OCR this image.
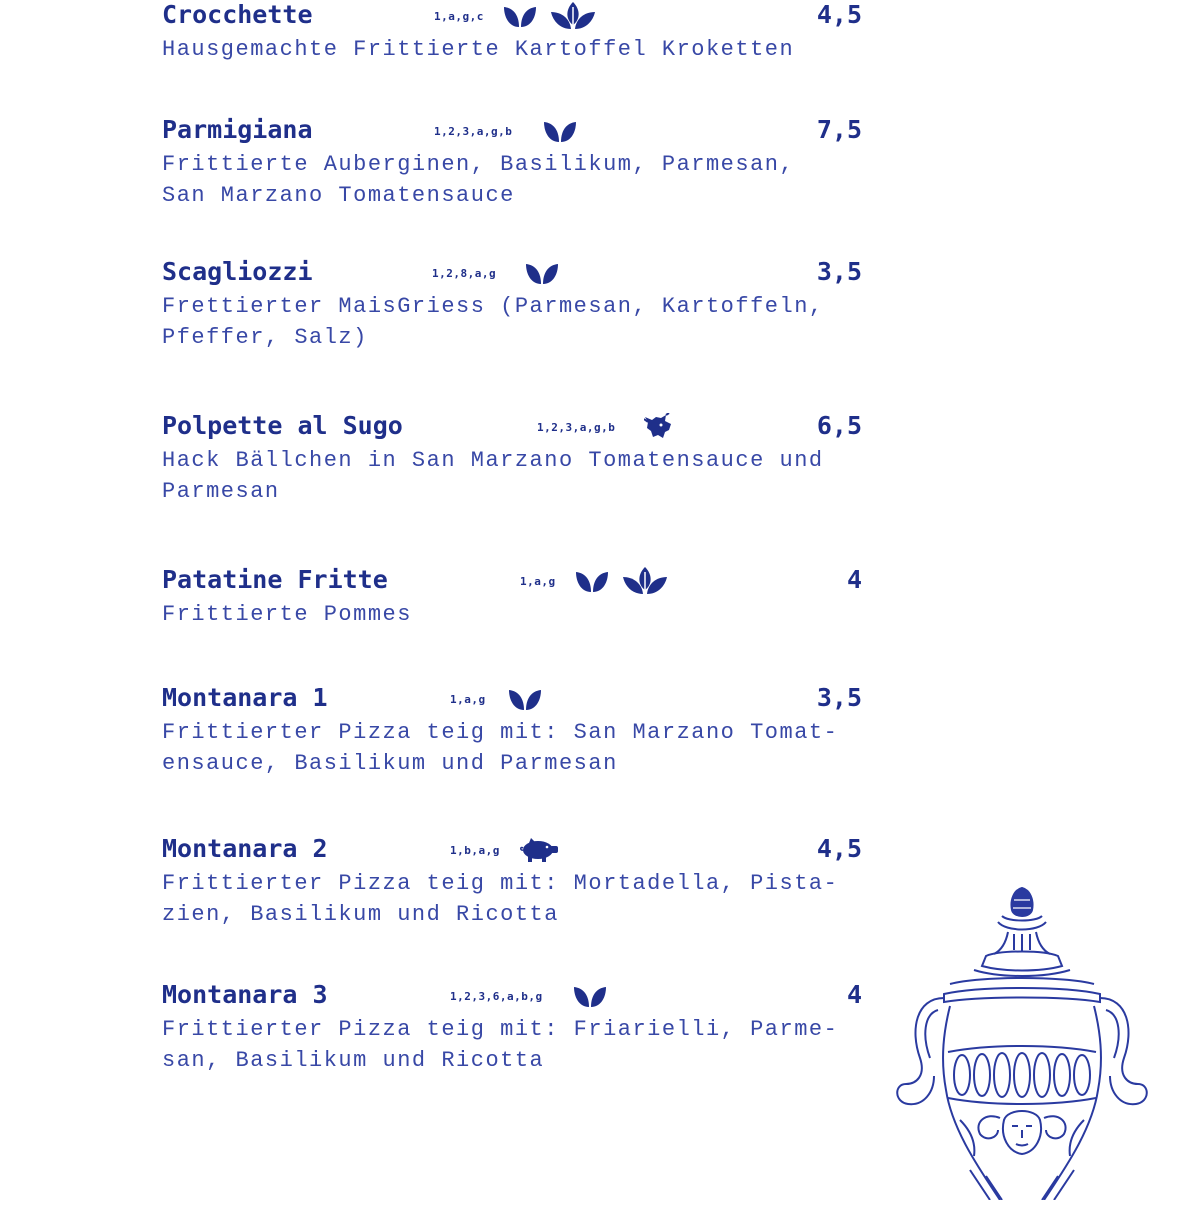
Crocchette	1,a,g,c	4,5
Hausgemachte Frittierte Kartoffel Kroketten
Parmigiana	1,2,3,a,g,b	7,5
Frittierte Auberginen, Basilikum, Parmesan,
San Marzano Tomatensauce
Scagliozzi	1,2,8,a,g	3,5
Frettierter MaisGriess (Parmesan, Kartoffeln,
Pfeffer, Salz)
Polpette al Sugo	1,2,3,a,g,b	6,5
Hack Bällchen in San Marzano Tomatensauce und
Parmesan
Patatine Fritte	1,a,g	4
Frittierte Pommes
Montanara 1	1,a,g	3,5
Frittierter Pizza teig mit: San Marzano Tomat-
ensauce, Basilikum und Parmesan
Montanara 2	1,b,a,g	4,5
Frittierter Pizza teig mit: Mortadella, Pista-
zien, Basilikum und Ricotta
Montanara 3	1,2,3,6,a,b,g	4
Frittierter Pizza teig mit: Friarielli, Parme-
san, Basilikum und Ricotta
